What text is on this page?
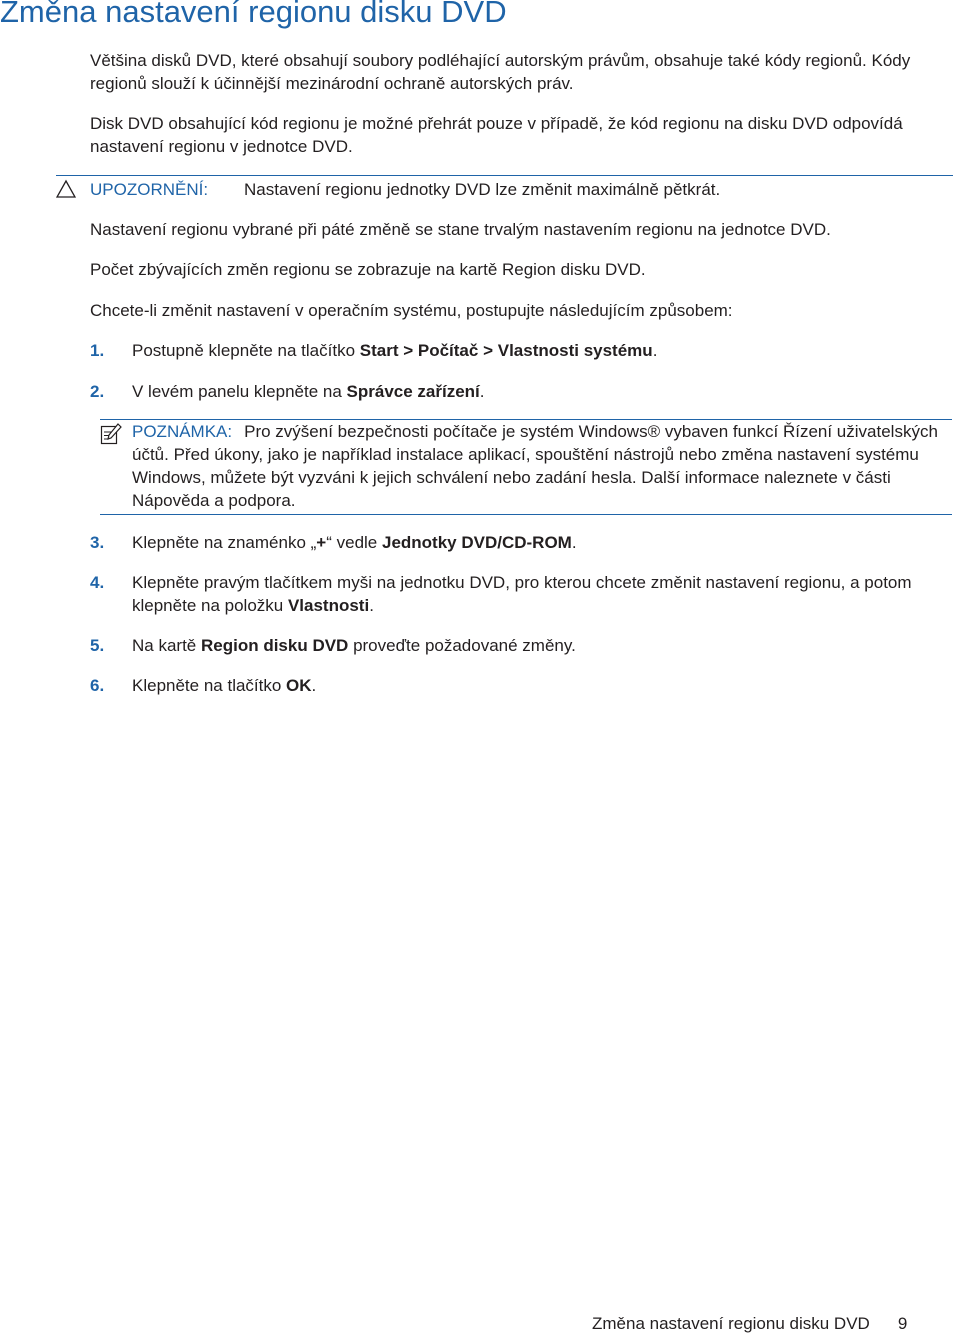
Změna nastavení regionu disku DVD

Většina disků DVD, které obsahují soubory podléhající autorským právům, obsahuje také kódy regionů. Kódy regionů slouží k účinnější mezinárodní ochraně autorských práv.

Disk DVD obsahující kód regionu je možné přehrát pouze v případě, že kód regionu na disku DVD odpovídá nastavení regionu v jednotce DVD.

UPOZORNĚNÍ: Nastavení regionu jednotky DVD lze změnit maximálně pětkrát.

Nastavení regionu vybrané při páté změně se stane trvalým nastavením regionu na jednotce DVD.

Počet zbývajících změn regionu se zobrazuje na kartě Region disku DVD.

Chcete-li změnit nastavení v operačním systému, postupujte následujícím způsobem:

1. Postupně klepněte na tlačítko Start > Počítač > Vlastnosti systému.
2. V levém panelu klepněte na Správce zařízení.
POZNÁMKA: Pro zvýšení bezpečnosti počítače je systém Windows® vybaven funkcí Řízení uživatelských účtů. Před úkony, jako je například instalace aplikací, spouštění nástrojů nebo změna nastavení systému Windows, můžete být vyzváni k jejich schválení nebo zadání hesla. Další informace naleznete v části Nápověda a podpora.
3. Klepněte na znaménko „+“ vedle Jednotky DVD/CD-ROM.
4. Klepněte pravým tlačítkem myši na jednotku DVD, pro kterou chcete změnit nastavení regionu, a potom klepněte na položku Vlastnosti.
5. Na kartě Region disku DVD proveďte požadované změny.
6. Klepněte na tlačítko OK.
Změna nastavení regionu disku DVD 9
